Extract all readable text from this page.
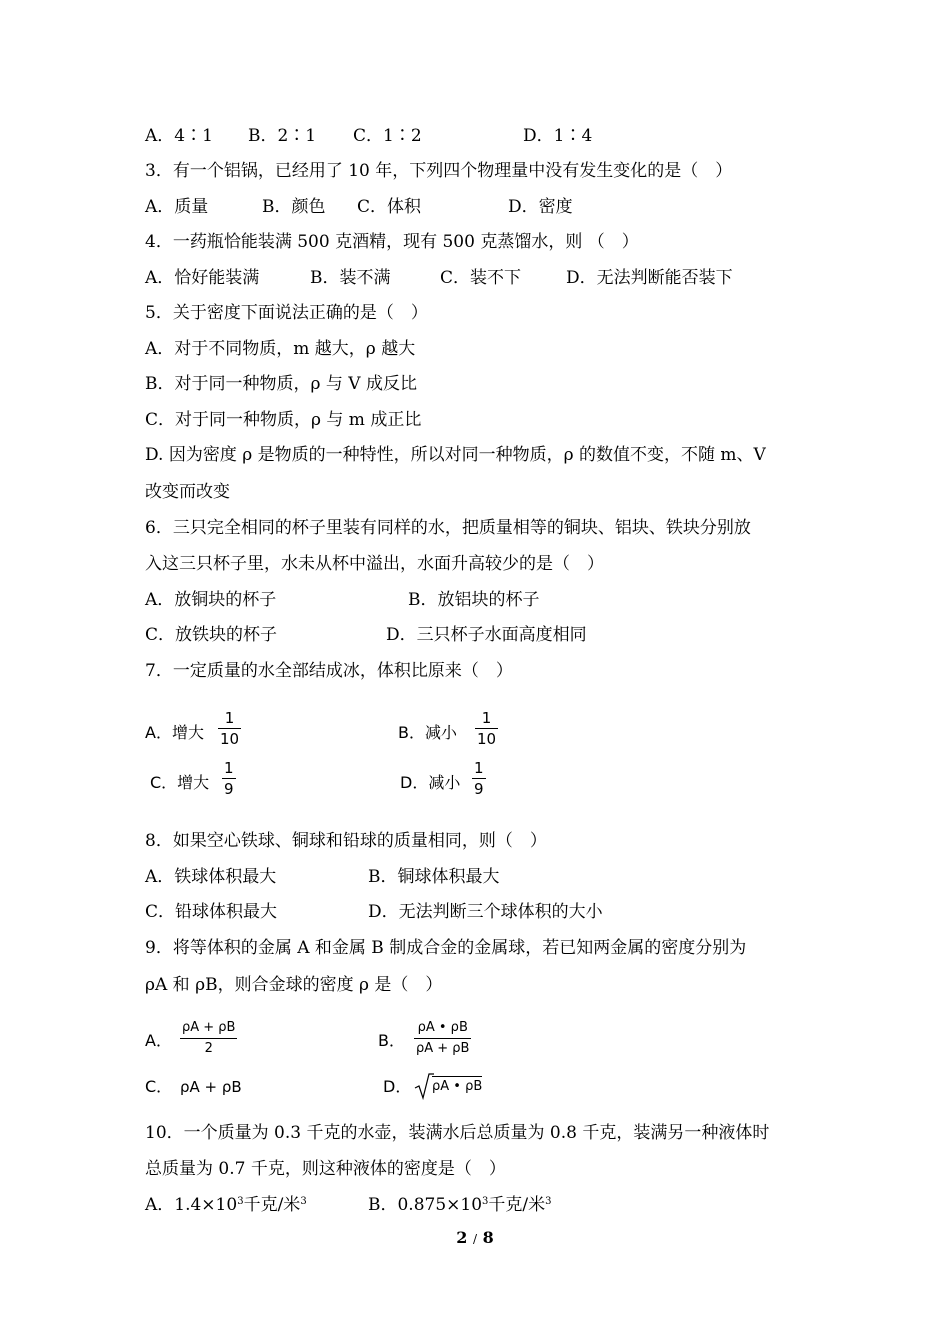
A．4∶1 B．2∶1 C．1∶2	D．1∶4
3．有一个铝锅，已经用了 10 年，下列四个物理量中没有发生变化的是（　）
A．质量	B．颜色 C．体积	D．密度
4．一药瓶恰能装满 500 克酒精，现有 500 克蒸馏水，则 （　）
A．恰好能装满	B．装不满	C．装不下	D．无法判断能否装下
5．关于密度下面说法正确的是（　）
A．对于不同物质，m 越大，ρ 越大
B．对于同一种物质，ρ 与 V 成反比
C．对于同一种物质，ρ 与 m 成正比
D. 因为密度 ρ 是物质的一种特性，所以对同一种物质，ρ 的数值不变，不随 m、V
改变而改变
6．三只完全相同的杯子里装有同样的水，把质量相等的铜块、铝块、铁块分别放
入这三只杯子里，水未从杯中溢出，水面升高较少的是（　）
A．放铜块的杯子	B．放铝块的杯子
C．放铁块的杯子	D．三只杯子水面高度相同
7．一定质量的水全部结成冰，体积比原来（　）
A．增大
1
10	B．减小
1
10
C．增大
1
9	D．减小
1
9
8．如果空心铁球、铜球和铅球的质量相同，则（　）
A．铁球体积最大	B．铜球体积最大
C．铅球体积最大	D．无法判断三个球体积的大小
9．将等体积的金属 A 和金属 B 制成合金的金属球，若已知两金属的密度分别为
ρA 和 ρB，则合金球的密度 ρ 是（　）
A．
ρA + ρB
2	B．
ρA • ρB
ρA + ρB
C． ρA + ρB	D． ρA • ρB
10．一个质量为 0.3 千克的水壶，装满水后总质量为 0.8 千克，装满另一种液体时
总质量为 0.7 千克，则这种液体的密度是（　）
A．$1.4\times 10^3$千克/米$^3$	B．$0.875\times 10^3$千克/米$^3$
2 / 8
